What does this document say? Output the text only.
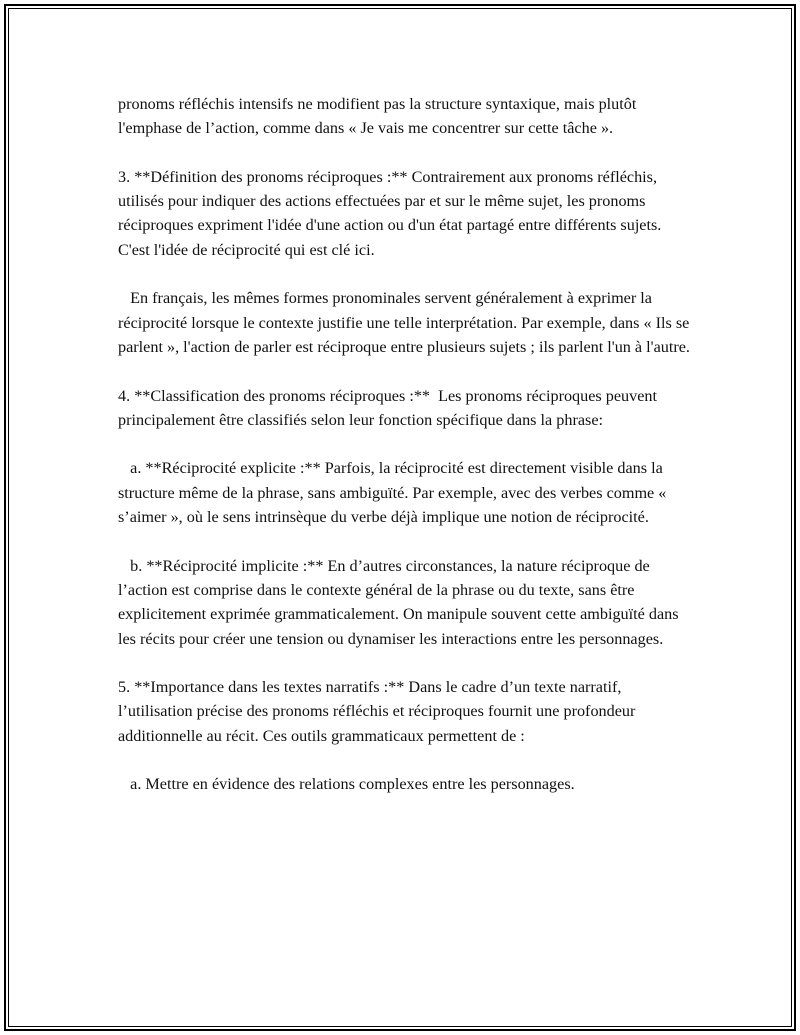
pronoms réfléchis intensifs ne modifient pas la structure syntaxique, mais plutôt l'emphase de l’action, comme dans « Je vais me concentrer sur cette tâche ».

3. **Définition des pronoms réciproques :** Contrairement aux pronoms réfléchis, utilisés pour indiquer des actions effectuées par et sur le même sujet, les pronoms réciproques expriment l'idée d'une action ou d'un état partagé entre différents sujets. C'est l'idée de réciprocité qui est clé ici.

En français, les mêmes formes pronominales servent généralement à exprimer la réciprocité lorsque le contexte justifie une telle interprétation. Par exemple, dans « Ils se parlent », l'action de parler est réciproque entre plusieurs sujets ; ils parlent l'un à l'autre.

4. **Classification des pronoms réciproques :**  Les pronoms réciproques peuvent principalement être classifiés selon leur fonction spécifique dans la phrase:

a. **Réciprocité explicite :** Parfois, la réciprocité est directement visible dans la structure même de la phrase, sans ambiguïté. Par exemple, avec des verbes comme « s’aimer », où le sens intrinsèque du verbe déjà implique une notion de réciprocité.

b. **Réciprocité implicite :** En d’autres circonstances, la nature réciproque de l’action est comprise dans le contexte général de la phrase ou du texte, sans être explicitement exprimée grammaticalement. On manipule souvent cette ambiguïté dans les récits pour créer une tension ou dynamiser les interactions entre les personnages.

5. **Importance dans les textes narratifs :** Dans le cadre d’un texte narratif, l’utilisation précise des pronoms réfléchis et réciproques fournit une profondeur additionnelle au récit. Ces outils grammaticaux permettent de :

a. Mettre en évidence des relations complexes entre les personnages.
